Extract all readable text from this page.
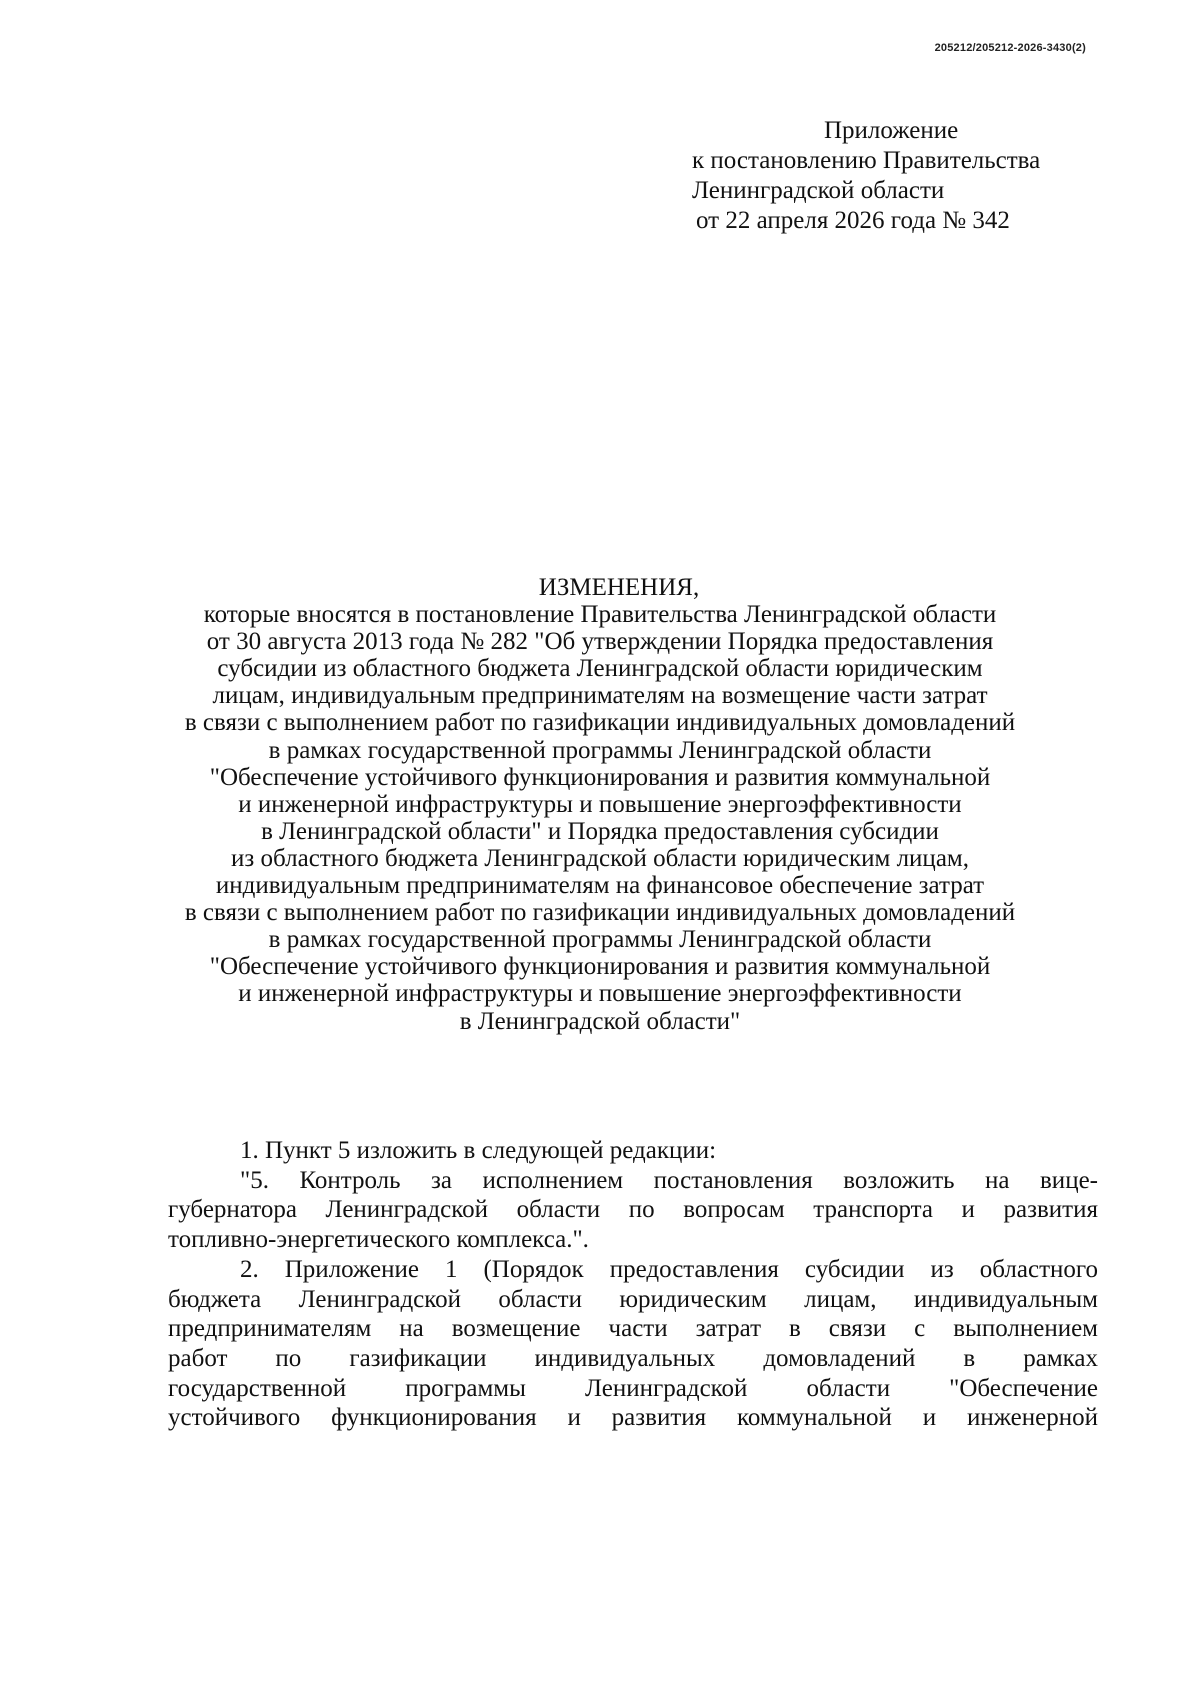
205212/205212-2026-3430(2)
Приложение
к постановлению Правительства
Ленинградской области
от 22 апреля 2026 года № 342
ИЗМЕНЕНИЯ,
которые вносятся в постановление Правительства Ленинградской области
от 30 августа 2013 года № 282 "Об утверждении Порядка предоставления
субсидии из областного бюджета Ленинградской области юридическим
лицам, индивидуальным предпринимателям на возмещение части затрат
в связи с выполнением работ по газификации индивидуальных домовладений
в рамках государственной программы Ленинградской области
"Обеспечение устойчивого функционирования и развития коммунальной
и инженерной инфраструктуры и повышение энергоэффективности
в Ленинградской области" и Порядка предоставления субсидии
из областного бюджета Ленинградской области юридическим лицам,
индивидуальным предпринимателям на финансовое обеспечение затрат
в связи с выполнением работ по газификации индивидуальных домовладений
в рамках государственной программы Ленинградской области
"Обеспечение устойчивого функционирования и развития коммунальной
и инженерной инфраструктуры и повышение энергоэффективности
в Ленинградской области"

1. Пункт 5 изложить в следующей редакции:

"5. Контроль за исполнением постановления возложить на вице-
губернатора Ленинградской области по вопросам транспорта и развития
топливно-энергетического комплекса.".

2. Приложение 1 (Порядок предоставления субсидии из областного
бюджета Ленинградской области юридическим лицам, индивидуальным
предпринимателям на возмещение части затрат в связи с выполнением
работ по газификации индивидуальных домовладений в рамках
государственной программы Ленинградской области "Обеспечение
устойчивого функционирования и развития коммунальной и инженерной
